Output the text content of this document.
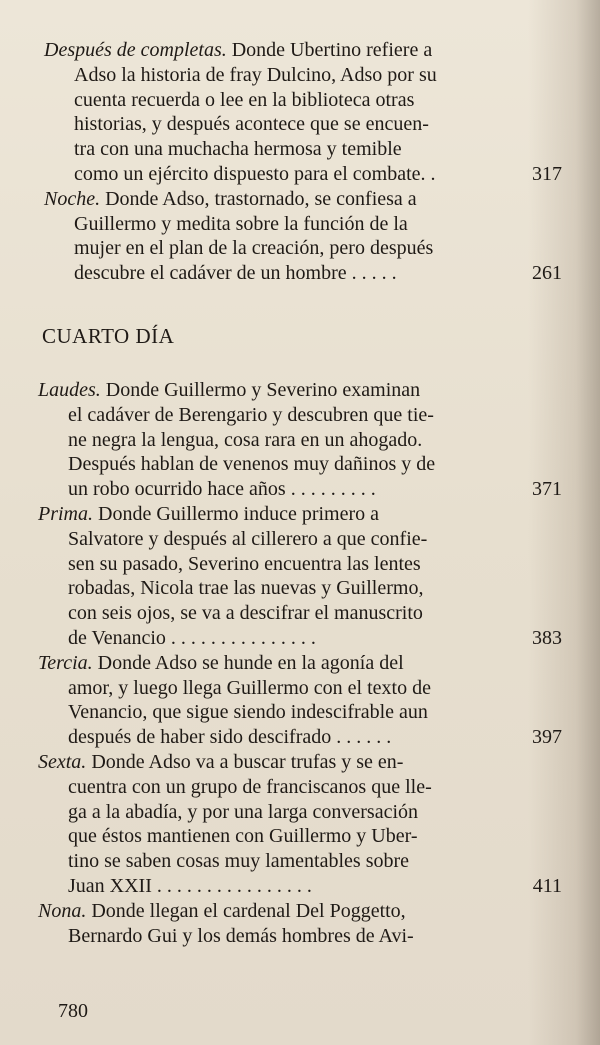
Después de completas. Donde Ubertino refiere a
Adso la historia de fray Dulcino, Adso por su
cuenta recuerda o lee en la biblioteca otras
historias, y después acontece que se encuen-
tra con una muchacha hermosa y temible
como un ejército dispuesto para el combate. .	317

Noche. Donde Adso, trastornado, se confiesa a
Guillermo y medita sobre la función de la
mujer en el plan de la creación, pero después
descubre el cadáver de un hombre . . . . .	261

CUARTO DÍA

Laudes. Donde Guillermo y Severino examinan
el cadáver de Berengario y descubren que tie-
ne negra la lengua, cosa rara en un ahogado.
Después hablan de venenos muy dañinos y de
un robo ocurrido hace años . . . . . . . . .	371

Prima. Donde Guillermo induce primero a
Salvatore y después al cillerero a que confie-
sen su pasado, Severino encuentra las lentes
robadas, Nicola trae las nuevas y Guillermo,
con seis ojos, se va a descifrar el manuscrito
de Venancio . . . . . . . . . . . . . . .	383

Tercia. Donde Adso se hunde en la agonía del
amor, y luego llega Guillermo con el texto de
Venancio, que sigue siendo indescifrable aun
después de haber sido descifrado . . . . . .	397

Sexta. Donde Adso va a buscar trufas y se en-
cuentra con un grupo de franciscanos que lle-
ga a la abadía, y por una larga conversación
que éstos mantienen con Guillermo y Uber-
tino se saben cosas muy lamentables sobre
Juan XXII . . . . . . . . . . . . . . . .	411

Nona. Donde llegan el cardenal Del Poggetto,
Bernardo Gui y los demás hombres de Avi-

780
